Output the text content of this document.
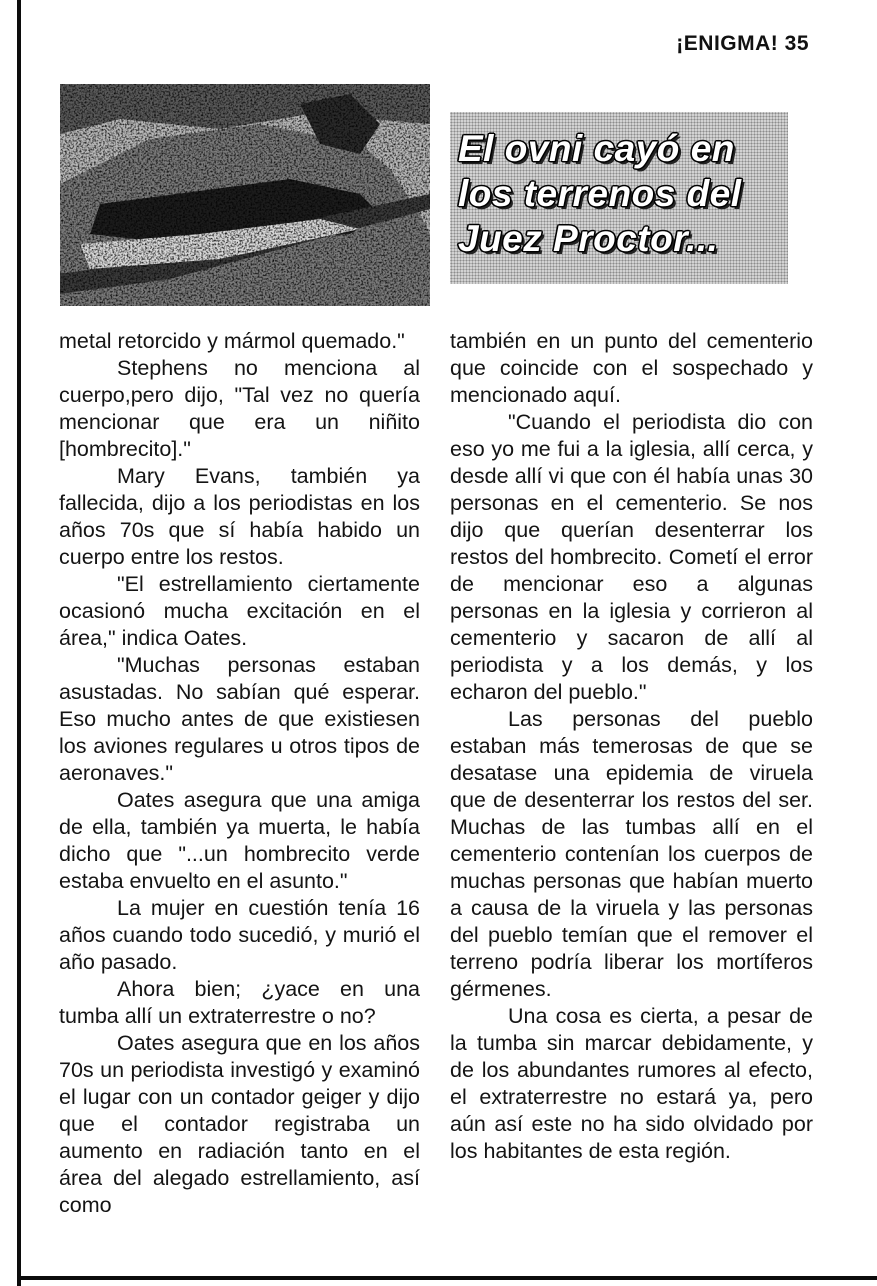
¡ENIGMA! 35
El ovni cayó en
los terrenos del
Juez Proctor...

metal retorcido y mármol quemado."

Stephens no menciona al cuerpo,pero dijo, "Tal vez no quería mencionar que era un niñito [hombrecito]."

Mary Evans, también ya fallecida, dijo a los periodistas en los años 70s que sí había habido un cuerpo entre los restos.

"El estrellamiento ciertamente ocasionó mucha excitación en el área," indica Oates.

"Muchas personas estaban asustadas. No sabían qué esperar. Eso mucho antes de que existiesen los aviones regulares u otros tipos de aeronaves."

Oates asegura que una amiga de ella, también ya muerta, le había dicho que "...un hombrecito verde estaba envuelto en el asunto."

La mujer en cuestión tenía 16 años cuando todo sucedió, y murió el año pasado.

Ahora bien; ¿yace en una tumba allí un extraterrestre o no?

Oates asegura que en los años 70s un periodista investigó y examinó el lugar con un contador geiger y dijo que el contador registraba un aumento en radiación tanto en el área del alegado estrellamiento, así como

también en un punto del cementerio que coincide con el sospechado y mencionado aquí.

"Cuando el periodista dio con eso yo me fui a la iglesia, allí cerca, y desde allí vi que con él había unas 30 personas en el cementerio. Se nos dijo que querían desenterrar los restos del hombrecito. Cometí el error de mencionar eso a algunas personas en la iglesia y corrieron al cementerio y sacaron de allí al periodista y a los demás, y los echaron del pueblo."

Las personas del pueblo estaban más temerosas de que se desatase una epidemia de viruela que de desenterrar los restos del ser. Muchas de las tumbas allí en el cementerio contenían los cuerpos de muchas personas que habían muerto a causa de la viruela y las personas del pueblo temían que el remover el terreno podría liberar los mortíferos gérmenes.

Una cosa es cierta, a pesar de la tumba sin marcar debidamente, y de los abundantes rumores al efecto, el extraterrestre no estará ya, pero aún así este no ha sido olvidado por los habitantes de esta región.
